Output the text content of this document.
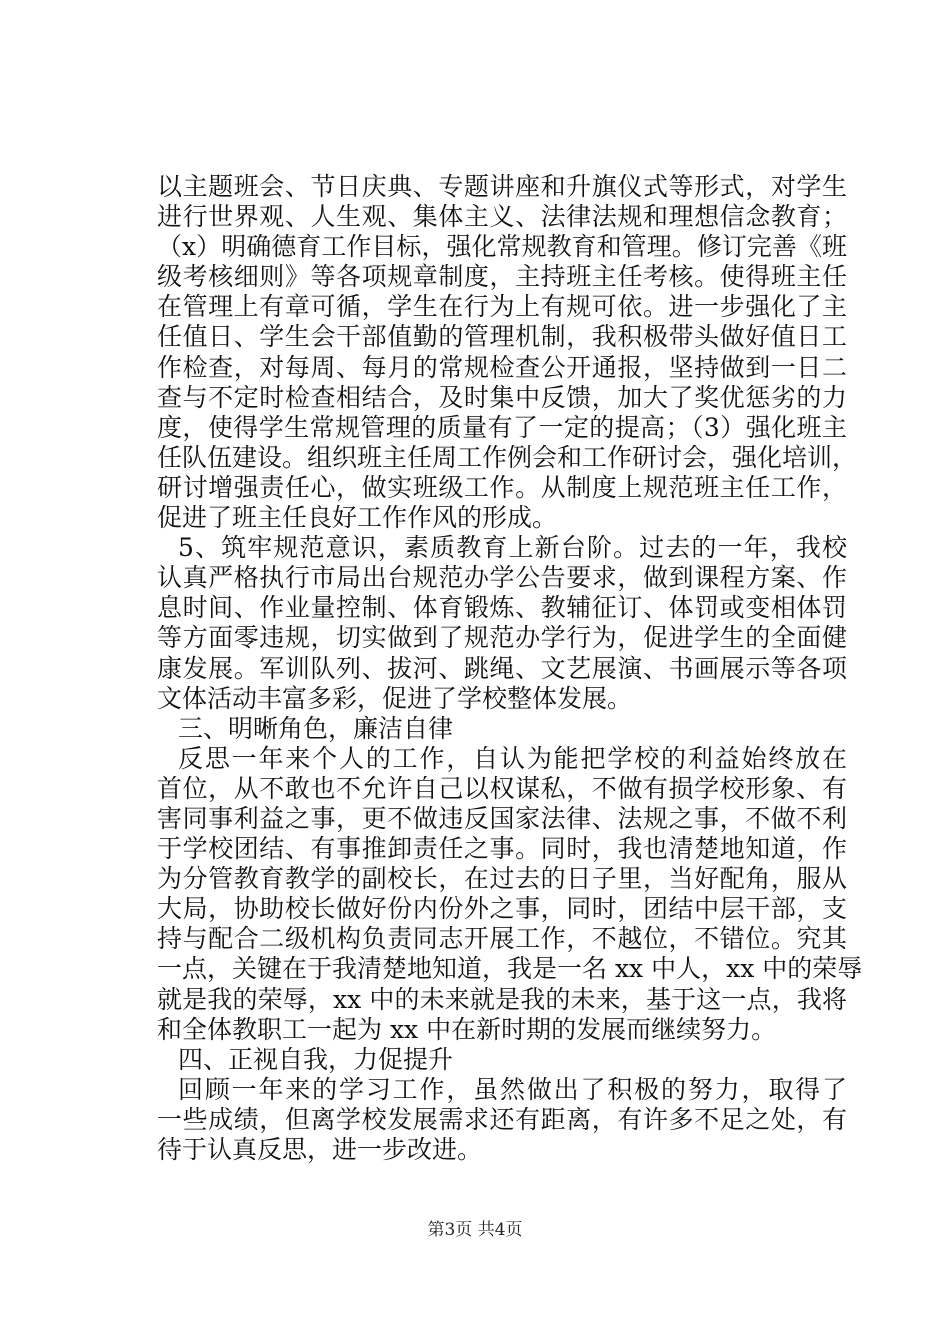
以主题班会、节日庆典、专题讲座和升旗仪式等形式，对学生
进行世界观、人生观、集体主义、法律法规和理想信念教育；
（x）明确德育工作目标，强化常规教育和管理。修订完善《班
级考核细则》等各项规章制度，主持班主任考核。使得班主任
在管理上有章可循，学生在行为上有规可依。进一步强化了主
任值日、学生会干部值勤的管理机制，我积极带头做好值日工
作检查，对每周、每月的常规检查公开通报，坚持做到一日二
查与不定时检查相结合，及时集中反馈，加大了奖优惩劣的力
度，使得学生常规管理的质量有了一定的提高；（3）强化班主
任队伍建设。组织班主任周工作例会和工作研讨会，强化培训，
研讨增强责任心，做实班级工作。从制度上规范班主任工作，
促进了班主任良好工作作风的形成。
5、筑牢规范意识，素质教育上新台阶。过去的一年，我校
认真严格执行市局出台规范办学公告要求，做到课程方案、作
息时间、作业量控制、体育锻炼、教辅征订、体罚或变相体罚
等方面零违规，切实做到了规范办学行为，促进学生的全面健
康发展。军训队列、拔河、跳绳、文艺展演、书画展示等各项
文体活动丰富多彩，促进了学校整体发展。
三、明晰角色，廉洁自律
反思一年来个人的工作，自认为能把学校的利益始终放在
首位，从不敢也不允许自己以权谋私，不做有损学校形象、有
害同事利益之事，更不做违反国家法律、法规之事，不做不利
于学校团结、有事推卸责任之事。同时，我也清楚地知道，作
为分管教育教学的副校长，在过去的日子里，当好配角，服从
大局，协助校长做好份内份外之事，同时，团结中层干部，支
持与配合二级机构负责同志开展工作，不越位，不错位。究其
一点，关键在于我清楚地知道，我是一名 xx 中人，xx 中的荣辱
就是我的荣辱，xx 中的未来就是我的未来，基于这一点，我将
和全体教职工一起为 xx 中在新时期的发展而继续努力。
四、正视自我，力促提升
回顾一年来的学习工作，虽然做出了积极的努力，取得了
一些成绩，但离学校发展需求还有距离，有许多不足之处，有
待于认真反思，进一步改进。
第3页 共4页
